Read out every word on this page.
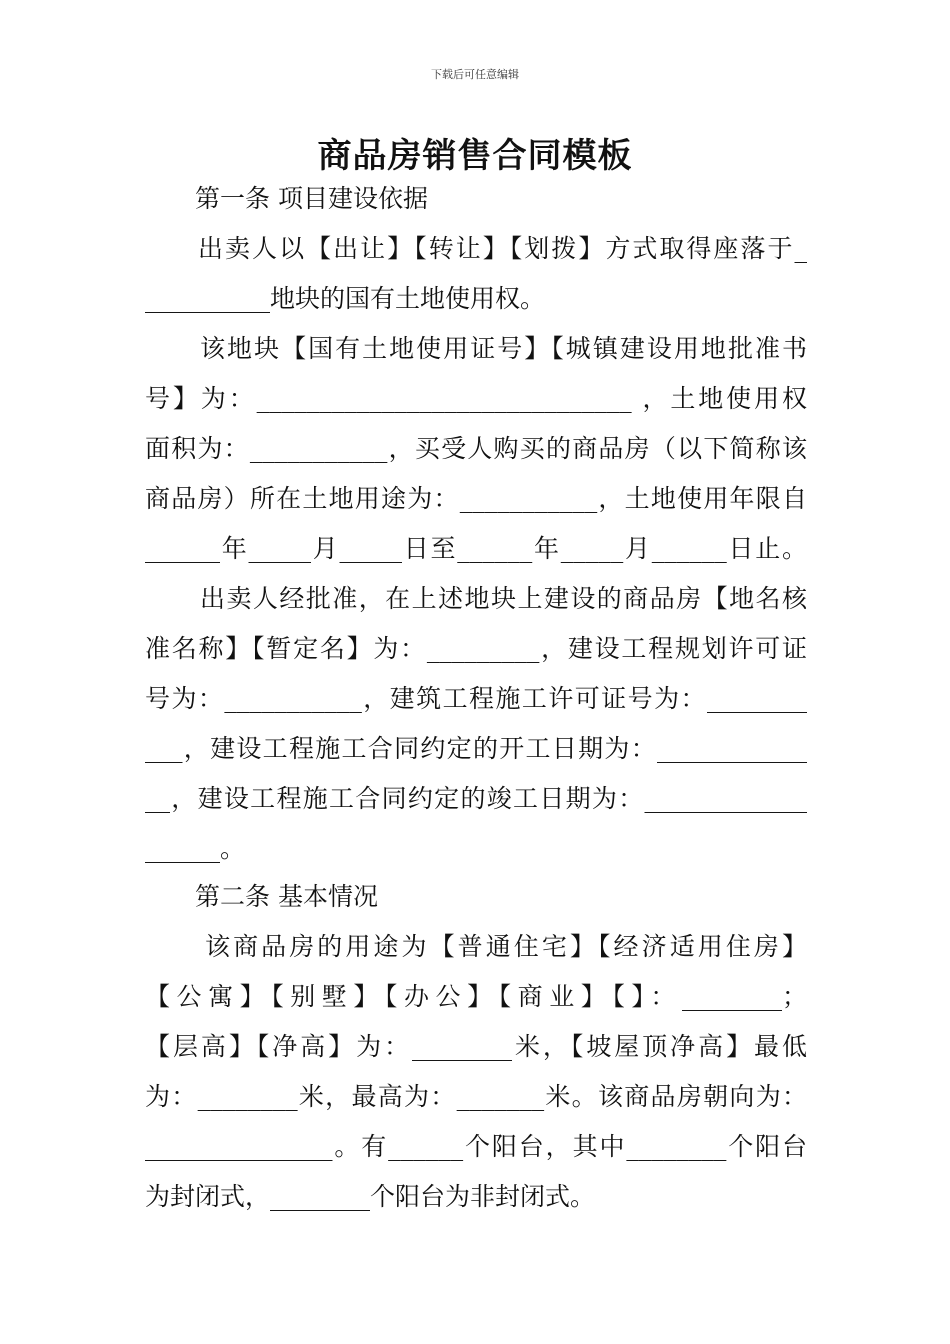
下载后可任意编辑
商品房销售合同模板
第一条 项目建设依据
出卖人以【出让】【转让】【划拨】方式取得座落于_
__________地块的国有土地使用权。
该地块【国有土地使用证号】【城镇建设用地批准书
号】为：______________________________ ，土地使用权
面积为：___________，买受人购买的商品房（以下简称该
商品房）所在土地用途为：___________，土地使用年限自
______年_____月_____日至______年_____月______日止。
出卖人经批准，在上述地块上建设的商品房【地名核
准名称】【暂定名】为：_________，建设工程规划许可证
号为：___________，建筑工程施工许可证号为：________
___，建设工程施工合同约定的开工日期为：____________
__，建设工程施工合同约定的竣工日期为：_____________
______。
第二条 基本情况
该商品房的用途为【普通住宅】【经济适用住房】
【公寓】【别墅】【办公】【商业】【】：________；
【层高】【净高】为：________米，【坡屋顶净高】最低
为：________米，最高为：_______米。该商品房朝向为：
_______________。有______个阳台，其中________个阳台
为封闭式，________个阳台为非封闭式。
